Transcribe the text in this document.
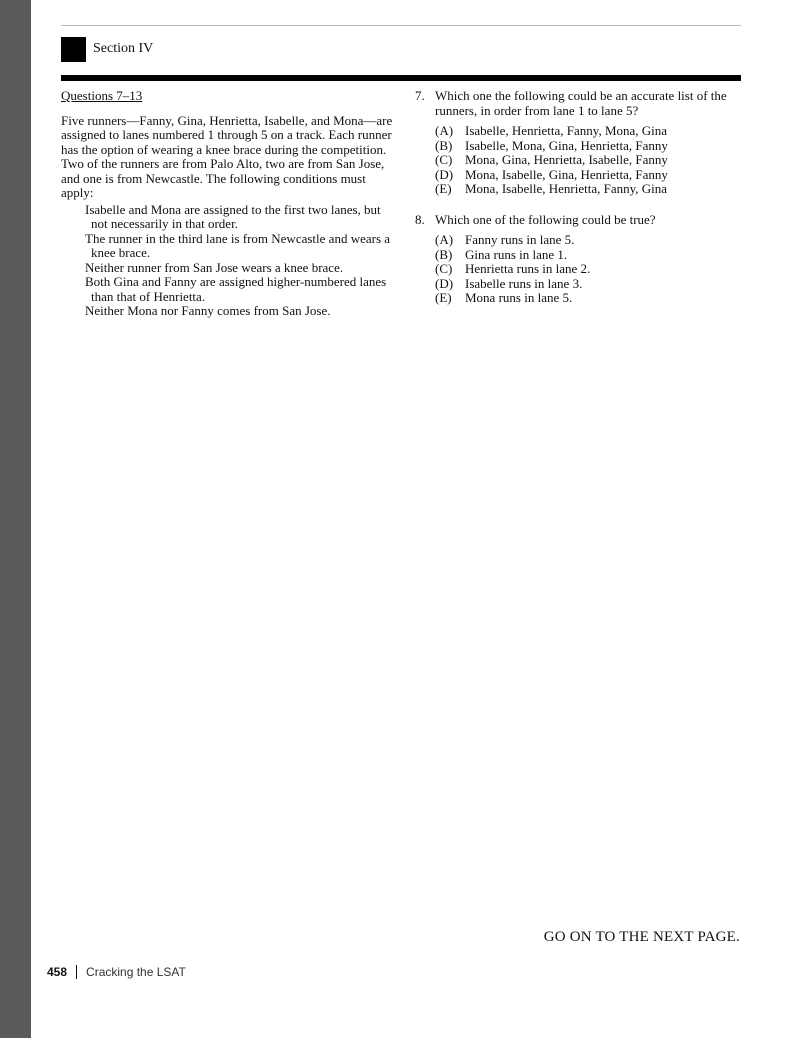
Section IV
Questions 7–13

Five runners—Fanny, Gina, Henrietta, Isabelle, and Mona—are assigned to lanes numbered 1 through 5 on a track. Each runner has the option of wearing a knee brace during the competition. Two of the runners are from Palo Alto, two are from San Jose, and one is from Newcastle. The following conditions must apply:

Isabelle and Mona are assigned to the first two lanes, but not necessarily in that order.

The runner in the third lane is from Newcastle and wears a knee brace.

Neither runner from San Jose wears a knee brace.

Both Gina and Fanny are assigned higher-numbered lanes than that of Henrietta.

Neither Mona nor Fanny comes from San Jose.

7. Which one the following could be an accurate list of the runners, in order from lane 1 to lane 5?
(A) Isabelle, Henrietta, Fanny, Mona, Gina
(B) Isabelle, Mona, Gina, Henrietta, Fanny
(C) Mona, Gina, Henrietta, Isabelle, Fanny
(D) Mona, Isabelle, Gina, Henrietta, Fanny
(E)	Mona, Isabelle, Henrietta, Fanny, Gina
8. Which one of the following could be true?
(A) Fanny runs in lane 5.
(B) Gina runs in lane 1.
(C) Henrietta runs in lane 2.
(D) Isabelle runs in lane 3.
(E)	Mona runs in lane 5.
GO ON TO THE NEXT PAGE.
458 Cracking the LSAT
